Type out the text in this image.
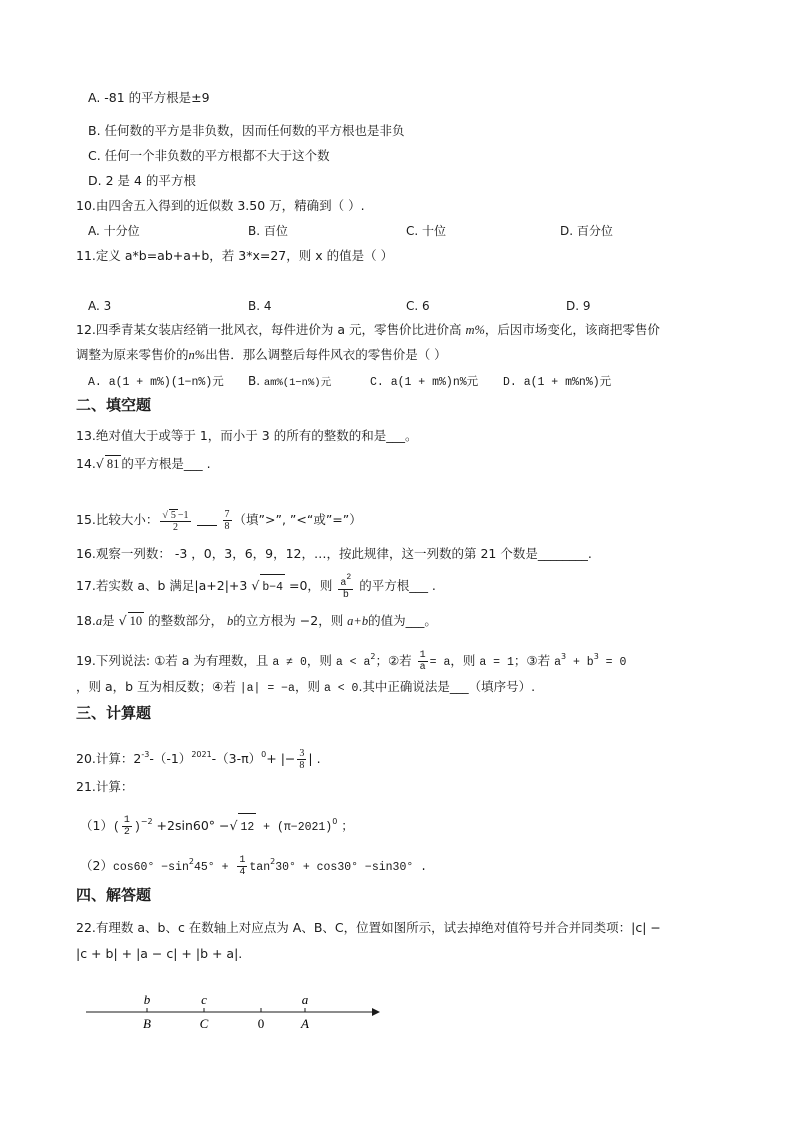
A. -81 的平方根是±9
B. 任何数的平方是非负数，因而任何数的平方根也是非负
C. 任何一个非负数的平方根都不大于这个数
D. 2 是 4 的平方根
10.由四舍五入得到的近似数 3.50 万，精确到（ ）.
A. 十分位	B. 百位	C. 十位	D. 百分位
11.定义 a*b=ab+a+b，若 3*x=27，则 x 的值是（ ）
A. 3	B. 4	C. 6	D. 9
12.四季青某女装店经销一批风衣，每件进价为 a 元，零售价比进价高 m%，后因市场变化，该商把零售价
调整为原来零售价的n%出售．那么调整后每件风衣的零售价是（ ）
A. a(1 + m%)(1−n%)元 B. am%(1−n%)元	C. a(1 + m%)n%元 D. a(1 + m%n%)元
二、填空题
13.绝对值大于或等于 1，而小于 3 的所有的整数的和是___。
14.√ 81 的平方根是___ .
15.比较大小： $\frac{√ 5 -1}{2}$	$\frac{7}{8}$ （填”>”, ”<“或”=”）
16.观察一列数： -3 ，0，3，6，9，12，…，按此规律，这一列数的第 21 个数是________.
17.若实数 a、b 满足|a+2|+3 √ b−4 =0，则 $\frac{a^2}{b}$ 的平方根___ .
18.a是 √ 10 的整数部分， b的立方根为 −2，则 a+b的值为___。
19.下列说法: ①若 a 为有理数，且 a ≠ 0，则 $a < a^2$；②若 $\frac{1}{a} = a$，则 a = 1；③若 $a^3 + b^3 = 0$
，则 a，b 互为相反数；④若 |a| = −a，则 a < 0.其中正确说法是___（填序号）.
三、计算题
20.计算：$2^{-3}-(-1)^{2021}-(3-\pi)^0+$ |− $\frac{3}{8}$ | .
21.计算：
$(1)( \frac{1}{2} )^{-2} +2\sin 60^\circ$ −√ $12 + (\pi-2021)^0$ ；
$(2)\cos 60^\circ -\sin^245^\circ + \frac{1}{4} \tan^230^\circ + \cos 30^\circ -\sin 30^\circ$ .
四、解答题
22.有理数 a、b、c 在数轴上对应点为 A、B、C，位置如图所示，试去掉绝对值符号并合并同类项：|c| −
|c + b| + |a − c| + |b + a|.
b
B
c
C	0
a
A
